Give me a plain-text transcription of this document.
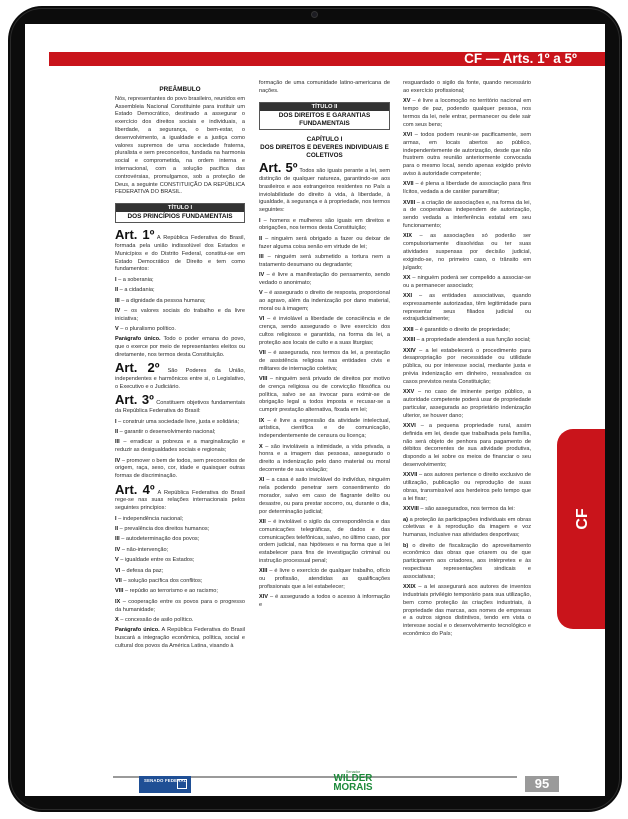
CF — Arts. 1º a 5º
PREÂMBULO
Nós, representantes do povo brasileiro, reunidos em Assembleia Nacional Constituinte para instituir um Estado Democrático, destinado a assegurar o exercício dos direitos sociais e individuais, a liberdade, a segurança, o bem-estar, o desenvolvimento, a igualdade e a justiça como valores supremos de uma sociedade fraterna, pluralista e sem preconceitos, fundada na harmonia social e comprometida, na ordem interna e internacional, com a solução pacífica das controvérsias, promulgamos, sob a proteção de Deus, a seguinte CONSTITUIÇÃO DA REPÚBLICA FEDERATIVA DO BRASIL.
TÍTULO I
DOS PRINCÍPIOS FUNDAMENTAIS
Art. 1º A República Federativa do Brasil, formada pela união indissolúvel dos Estados e Municípios e do Distrito Federal, constitui-se em Estado Democrático de Direito e tem como fundamentos:
I – a soberania;
II – a cidadania;
III – a dignidade da pessoa humana;
IV – os valores sociais do trabalho e da livre iniciativa;
V – o pluralismo político.
Parágrafo único. Todo o poder emana do povo, que o exerce por meio de representantes eleitos ou diretamente, nos termos desta Constituição.
Art. 2º São Poderes da União, independentes e harmônicos entre si, o Legislativo, o Executivo e o Judiciário.
Art. 3º Constituem objetivos fundamentais da República Federativa do Brasil:
I – construir uma sociedade livre, justa e solidária;
II – garantir o desenvolvimento nacional;
III – erradicar a pobreza e a marginalização e reduzir as desigualdades sociais e regionais;
IV – promover o bem de todos, sem preconceitos de origem, raça, sexo, cor, idade e quaisquer outras formas de discriminação.
Art. 4º A República Federativa do Brasil rege-se nas suas relações internacionais pelos seguintes princípios:
I – independência nacional;
II – prevalência dos direitos humanos;
III – autodeterminação dos povos;
IV – não-intervenção;
V – igualdade entre os Estados;
VI – defesa da paz;
VII – solução pacífica dos conflitos;
VIII – repúdio ao terrorismo e ao racismo;
IX – cooperação entre os povos para o progresso da humanidade;
X – concessão de asilo político.
Parágrafo único. A República Federativa do Brasil buscará a integração econômica, política, social e cultural dos povos da América Latina, visando à
formação de uma comunidade latino-americana de nações.
TÍTULO II
DOS DIREITOS E GARANTIAS FUNDAMENTAIS
CAPÍTULO I
DOS DIREITOS E DEVERES INDIVIDUAIS E COLETIVOS
Art. 5º Todos são iguais perante a lei, sem distinção de qualquer natureza, garantindo-se aos brasileiros e aos estrangeiros residentes no País a inviolabilidade do direito à vida, à liberdade, à igualdade, à segurança e à propriedade, nos termos seguintes:
I – homens e mulheres são iguais em direitos e obrigações, nos termos desta Constituição;
II – ninguém será obrigado a fazer ou deixar de fazer alguma coisa senão em virtude de lei;
III – ninguém será submetido a tortura nem a tratamento desumano ou degradante;
IV – é livre a manifestação do pensamento, sendo vedado o anonimato;
V – é assegurado o direito de resposta, proporcional ao agravo, além da indenização por dano material, moral ou à imagem;
VI – é inviolável a liberdade de consciência e de crença, sendo assegurado o livre exercício dos cultos religiosos e garantida, na forma da lei, a proteção aos locais de culto e a suas liturgias;
VII – é assegurada, nos termos da lei, a prestação de assistência religiosa nas entidades civis e militares de internação coletiva;
VIII – ninguém será privado de direitos por motivo de crença religiosa ou de convicção filosófica ou política, salvo se as invocar para eximir-se de obrigação legal a todos imposta e recusar-se a cumprir prestação alternativa, fixada em lei;
IX – é livre a expressão da atividade intelectual, artística, científica e de comunicação, independentemente de censura ou licença;
X – são invioláveis a intimidade, a vida privada, a honra e a imagem das pessoas, assegurado o direito a indenização pelo dano material ou moral decorrente de sua violação;
XI – a casa é asilo inviolável do indivíduo, ninguém nela podendo penetrar sem consentimento do morador, salvo em caso de flagrante delito ou desastre, ou para prestar socorro, ou, durante o dia, por determinação judicial;
XII – é inviolável o sigilo da correspondência e das comunicações telegráficas, de dados e das comunicações telefônicas, salvo, no último caso, por ordem judicial, nas hipóteses e na forma que a lei estabelecer para fins de investigação criminal ou instrução processual penal;
XIII – é livre o exercício de qualquer trabalho, ofício ou profissão, atendidas as qualificações profissionais que a lei estabelecer;
XIV – é assegurado a todos o acesso à informação e
resguardado o sigilo da fonte, quando necessário ao exercício profissional;
XV – é livre a locomoção no território nacional em tempo de paz, podendo qualquer pessoa, nos termos da lei, nele entrar, permanecer ou dele sair com seus bens;
XVI – todos podem reunir-se pacificamente, sem armas, em locais abertos ao público, independentemente de autorização, desde que não frustrem outra reunião anteriormente convocada para o mesmo local, sendo apenas exigido prévio aviso à autoridade competente;
XVII – é plena a liberdade de associação para fins lícitos, vedada a de caráter paramilitar;
XVIII – a criação de associações e, na forma da lei, a de cooperativas independem de autorização, sendo vedada a interferência estatal em seu funcionamento;
XIX – as associações só poderão ser compulsoriamente dissolvidas ou ter suas atividades suspensas por decisão judicial, exigindo-se, no primeiro caso, o trânsito em julgado;
XX – ninguém poderá ser compelido a associar-se ou a permanecer associado;
XXI – as entidades associativas, quando expressamente autorizadas, têm legitimidade para representar seus filiados judicial ou extrajudicialmente;
XXII – é garantido o direito de propriedade;
XXIII – a propriedade atenderá a sua função social;
XXIV – a lei estabelecerá o procedimento para desapropriação por necessidade ou utilidade pública, ou por interesse social, mediante justa e prévia indenização em dinheiro, ressalvados os casos previstos nesta Constituição;
XXV – no caso de iminente perigo público, a autoridade competente poderá usar de propriedade particular, assegurada ao proprietário indenização ulterior, se houver dano;
XXVI – a pequena propriedade rural, assim definida em lei, desde que trabalhada pela família, não será objeto de penhora para pagamento de débitos decorrentes de sua atividade produtiva, dispondo a lei sobre os meios de financiar o seu desenvolvimento;
XXVII – aos autores pertence o direito exclusivo de utilização, publicação ou reprodução de suas obras, transmissível aos herdeiros pelo tempo que a lei fixar;
XXVIII – são assegurados, nos termos da lei:
a) a proteção às participações individuais em obras coletivas e à reprodução da imagem e voz humanas, inclusive nas atividades desportivas;
b) o direito de fiscalização do aproveitamento econômico das obras que criarem ou de que participarem aos criadores, aos intérpretes e às respectivas representações sindicais e associativas;
XXIX – a lei assegurará aos autores de inventos industriais privilégio temporário para sua utilização, bem como proteção às criações industriais, à propriedade das marcas, aos nomes de empresas e a outros signos distintivos, tendo em vista o interesse social e o desenvolvimento tecnológico e econômico do País;
CF
SENADO FEDERAL
Senador
WILDER
MORAIS	95
